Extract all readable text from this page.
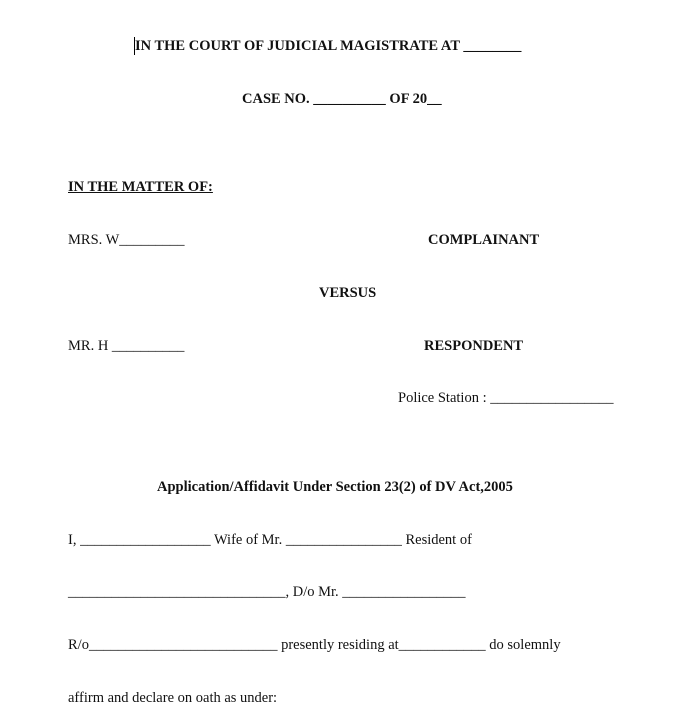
IN THE COURT OF JUDICIAL MAGISTRATE AT ________
CASE NO. __________ OF 20__
IN THE MATTER OF:
MRS. W_________	COMPLAINANT
VERSUS
MR. H __________	RESPONDENT
Police Station : _________________
Application/Affidavit Under Section 23(2) of DV Act,2005
I, __________________ Wife of Mr. ________________ Resident of
______________________________, D/o Mr. _________________
R/o__________________________ presently residing at____________ do solemnly
affirm and declare on oath as under:
